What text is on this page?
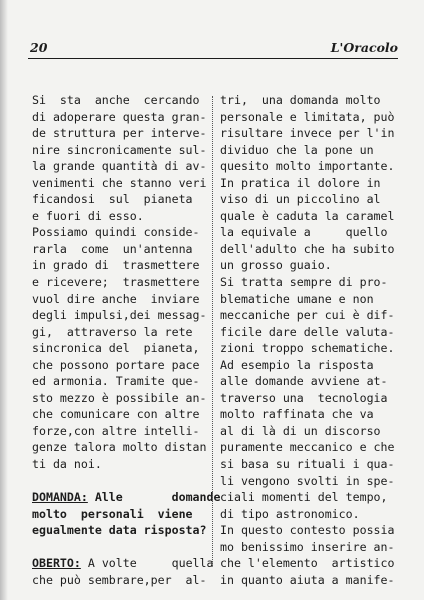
20	L'Oracolo
Si  sta  anche  cercando
di adoperare questa gran-
de struttura per interve-
nire sincronicamente sul-
la grande quantità di av-
venimenti che stanno veri
ficandosi  sul  pianeta
e fuori di esso.
Possiamo quindi conside-
rarla  come  un'antenna
in grado di  trasmettere
e ricevere;  trasmettere
vuol dire anche  inviare
degli impulsi,dei messag-
gi,  attraverso la rete
sincronica del  pianeta,
che possono portare pace
ed armonia. Tramite que-
sto mezzo è possibile an-
che comunicare con altre
forze,con altre intelli-
genze talora molto distan
ti da noi.
DOMANDA: Alle       domande
molto  personali  viene
egualmente data risposta?
OBERTO: A volte     quella
che può sembrare,per  al-
tri,  una domanda molto
personale e limitata, può
risultare invece per l'in
dividuo che la pone un
quesito molto importante.
In pratica il dolore in
viso di un piccolino al
quale è caduta la caramel
la equivale a     quello
dell'adulto che ha subito
un grosso guaio.
Si tratta sempre di pro-
blematiche umane e non
meccaniche per cui è dif-
ficile dare delle valuta-
zioni troppo schematiche.
Ad esempio la risposta
alle domande avviene at-
traverso una  tecnologia
molto raffinata che va
al di là di un discorso
puramente meccanico e che
si basa su rituali i qua-
li vengono svolti in spe-
ciali momenti del tempo,
di tipo astronomico.
In questo contesto possia
mo benissimo inserire an-
che l'elemento  artistico
in quanto aiuta a manife-
